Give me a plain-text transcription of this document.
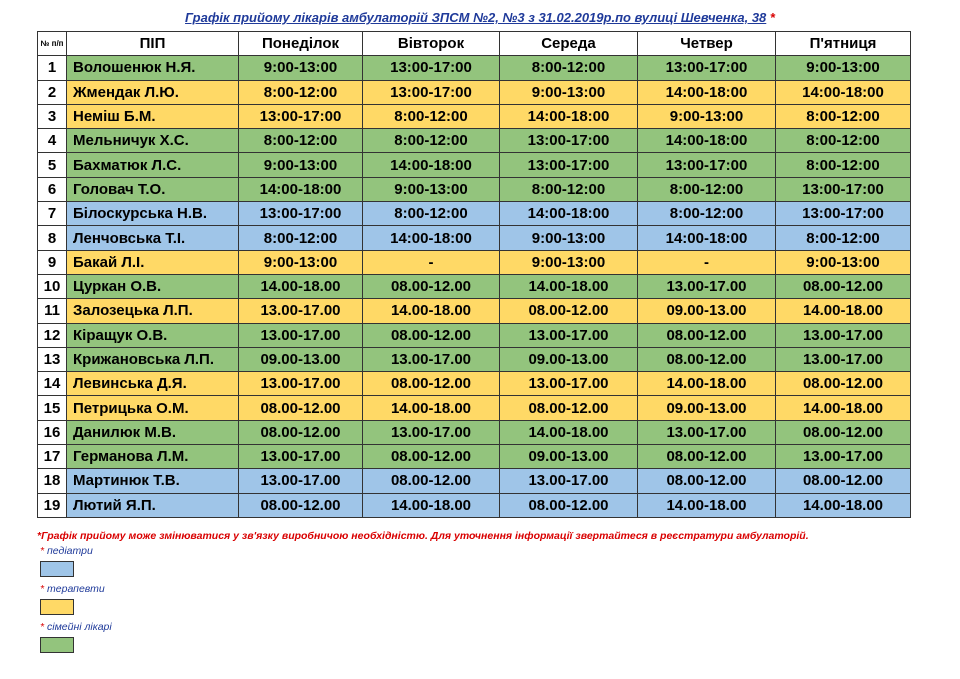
Графік прийому лікарів амбулаторій ЗПСМ №2, №3 з 31.02.2019р.по вулиці Шевченка, 38 *
№ п/п	ПІП	Понеділок	Вівторок	Середа	Четвер	П'ятниця
1	Волошенюк Н.Я.	9:00-13:00	13:00-17:00	8:00-12:00	13:00-17:00	9:00-13:00
2	Жмендак Л.Ю.	8:00-12:00	13:00-17:00	9:00-13:00	14:00-18:00	14:00-18:00
3	Неміш Б.М.	13:00-17:00	8:00-12:00	14:00-18:00	9:00-13:00	8:00-12:00
4	Мельничук Х.С.	8:00-12:00	8:00-12:00	13:00-17:00	14:00-18:00	8:00-12:00
5	Бахматюк Л.С.	9:00-13:00	14:00-18:00	13:00-17:00	13:00-17:00	8:00-12:00
6	Головач Т.О.	14:00-18:00	9:00-13:00	8:00-12:00	8:00-12:00	13:00-17:00
7	Білоскурська Н.В.	13:00-17:00	8:00-12:00	14:00-18:00	8:00-12:00	13:00-17:00
8	Ленчовська Т.І.	8:00-12:00	14:00-18:00	9:00-13:00	14:00-18:00	8:00-12:00
9	Бакай Л.І.	9:00-13:00	-	9:00-13:00	-	9:00-13:00
10	Цуркан О.В.	14.00-18.00	08.00-12.00	14.00-18.00	13.00-17.00	08.00-12.00
11	Залозецька Л.П.	13.00-17.00	14.00-18.00	08.00-12.00	09.00-13.00	14.00-18.00
12	Кіращук О.В.	13.00-17.00	08.00-12.00	13.00-17.00	08.00-12.00	13.00-17.00
13	Крижановська Л.П.	09.00-13.00	13.00-17.00	09.00-13.00	08.00-12.00	13.00-17.00
14	Левинська Д.Я.	13.00-17.00	08.00-12.00	13.00-17.00	14.00-18.00	08.00-12.00
15	Петрицька О.М.	08.00-12.00	14.00-18.00	08.00-12.00	09.00-13.00	14.00-18.00
16	Данилюк М.В.	08.00-12.00	13.00-17.00	14.00-18.00	13.00-17.00	08.00-12.00
17	Германова Л.М.	13.00-17.00	08.00-12.00	09.00-13.00	08.00-12.00	13.00-17.00
18	Мартинюк Т.В.	13.00-17.00	08.00-12.00	13.00-17.00	08.00-12.00	08.00-12.00
19	Лютий Я.П.	08.00-12.00	14.00-18.00	08.00-12.00	14.00-18.00	14.00-18.00
*Графік прийому може змінюватися у зв'язку виробничою необхідністю. Для уточнення інформації звертайтеся в реєстратури амбулаторій.
* педіатри
* терапевти
* сімейні лікарі
